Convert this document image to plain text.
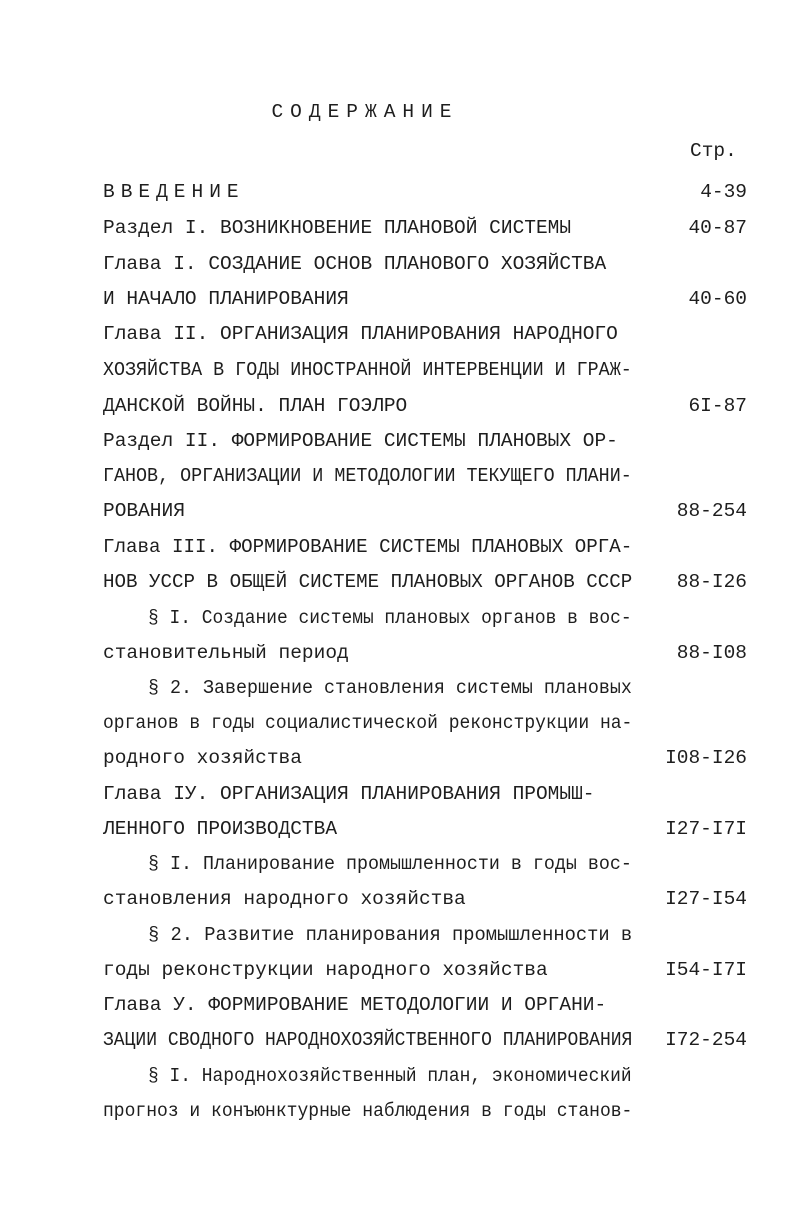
СОДЕРЖАНИЕ
Стр.
ВВЕДЕНИЕ	4-39
Раздел I. ВОЗНИКНОВЕНИЕ ПЛАНОВОЙ СИСТЕМЫ	40-87
Глава I. СОЗДАНИЕ ОСНОВ ПЛАНОВОГО ХОЗЯЙСТВА
И НАЧАЛО ПЛАНИРОВАНИЯ	40-60
Глава II. ОРГАНИЗАЦИЯ ПЛАНИРОВАНИЯ НАРОДНОГО
ХОЗЯЙСТВА В ГОДЫ ИНОСТРАННОЙ ИНТЕРВЕНЦИИ И ГРАЖ-
ДАНСКОЙ ВОЙНЫ. ПЛАН ГОЭЛРО	6I-87
Раздел II. ФОРМИРОВАНИЕ СИСТЕМЫ ПЛАНОВЫХ ОР-
ГАНОВ, ОРГАНИЗАЦИИ И МЕТОДОЛОГИИ ТЕКУЩЕГО ПЛАНИ-
РОВАНИЯ	88-254
Глава III. ФОРМИРОВАНИЕ СИСТЕМЫ ПЛАНОВЫХ ОРГА-
НОВ УССР В ОБЩЕЙ СИСТЕМЕ ПЛАНОВЫХ ОРГАНОВ СССР 88-I26
§ I. Создание системы плановых органов в вос-
становительный период	88-I08
§ 2. Завершение становления системы плановых
органов в годы социалистической реконструкции на-
родного хозяйства	I08-I26
Глава IУ. ОРГАНИЗАЦИЯ ПЛАНИРОВАНИЯ ПРОМЫШ-
ЛЕННОГО ПРОИЗВОДСТВА	I27-I7I
§ I. Планирование промышленности в годы вос-
становления народного хозяйства	I27-I54
§ 2. Развитие планирования промышленности в
годы реконструкции народного хозяйства	I54-I7I
Глава У. ФОРМИРОВАНИЕ МЕТОДОЛОГИИ И ОРГАНИ-
ЗАЦИИ СВОДНОГО НАРОДНОХОЗЯЙСТВЕННОГО ПЛАНИРОВАНИЯ I72-254
§ I. Народнохозяйственный план, экономический
прогноз и конъюнктурные наблюдения в годы станов-
